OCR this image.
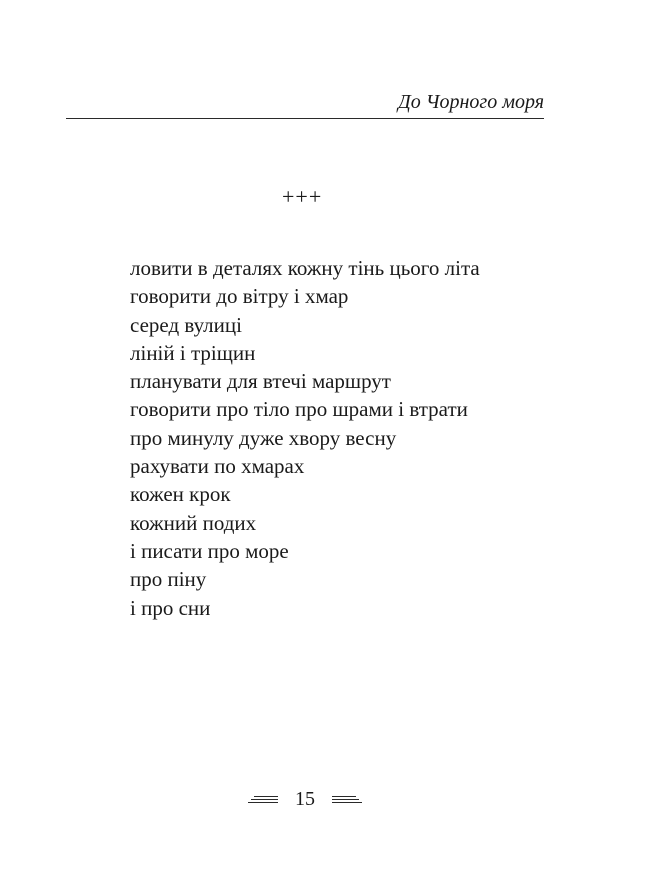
До Чорного моря
+++
ловити в деталях кожну тінь цього літа
говорити до вітру і хмар
серед вулиці
ліній і тріщин
планувати для втечі маршрут
говорити про тіло про шрами і втрати
про минулу дуже хвору весну
рахувати по хмарах
кожен крок
кожний подих
і писати про море
про піну
і про сни
15
